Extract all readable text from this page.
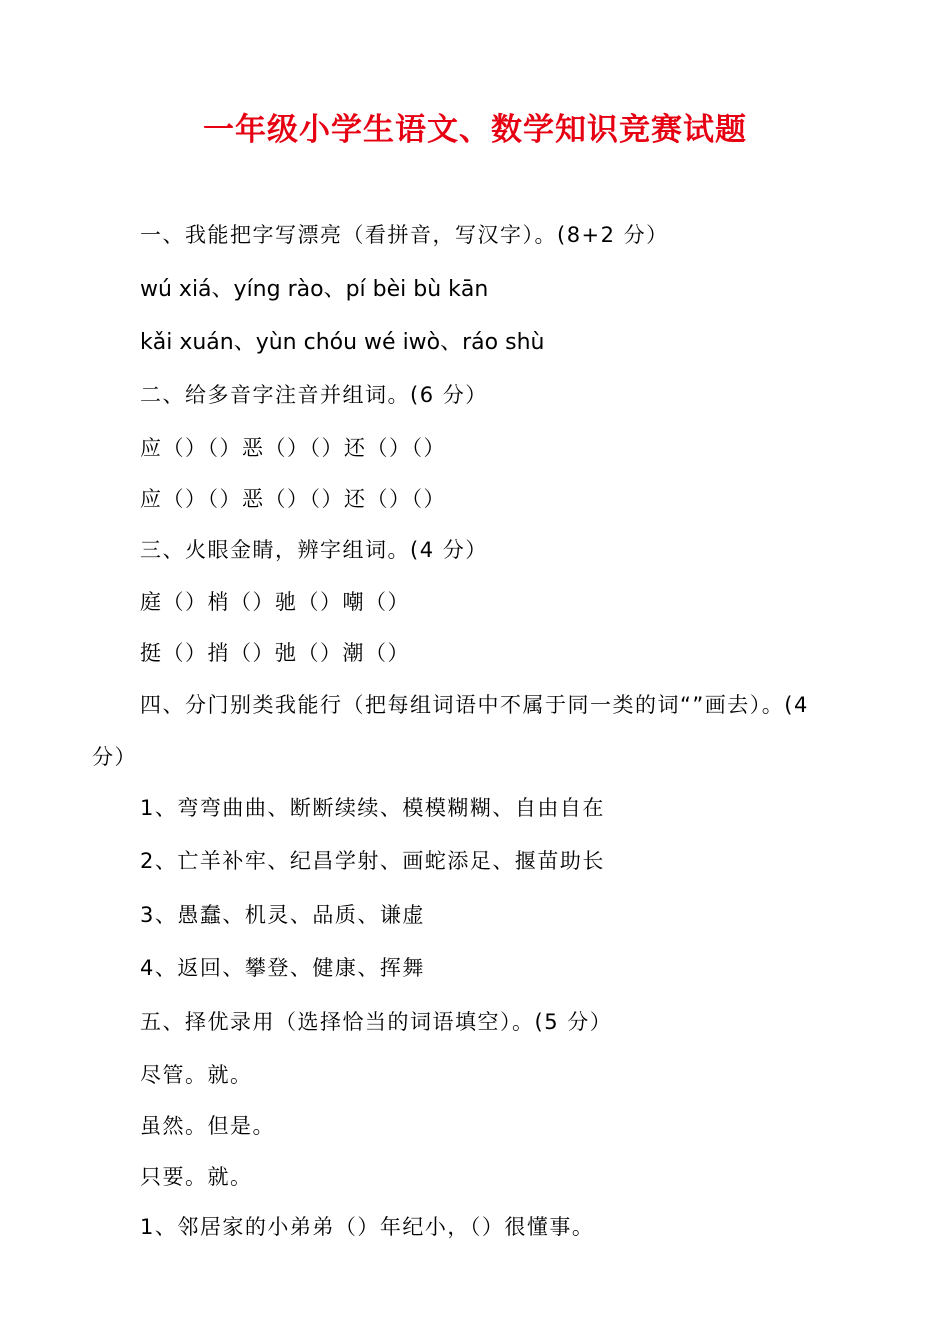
一年级小学生语文、数学知识竞赛试题
一、我能把字写漂亮（看拼音，写汉字）。(8+2 分）
wú xiá、yíng rào、pí bèi bù kān
kǎi xuán、yùn chóu wé iwò、ráo shù
二、给多音字注音并组词。(6 分）
应（）（）恶（）（）还（）（）
应（）（）恶（）（）还（）（）
三、火眼金睛，辨字组词。(4 分）
庭（）梢（）驰（）嘲（）
挺（）捎（）弛（）潮（）
四、分门别类我能行（把每组词语中不属于同一类的词“”画去）。(4
分）
1、弯弯曲曲、断断续续、模模糊糊、自由自在
2、亡羊补牢、纪昌学射、画蛇添足、揠苗助长
3、愚蠢、机灵、品质、谦虚
4、返回、攀登、健康、挥舞
五、择优录用（选择恰当的词语填空）。(5 分）
尽管。就。
虽然。但是。
只要。就。
1、邻居家的小弟弟（）年纪小，（）很懂事。
